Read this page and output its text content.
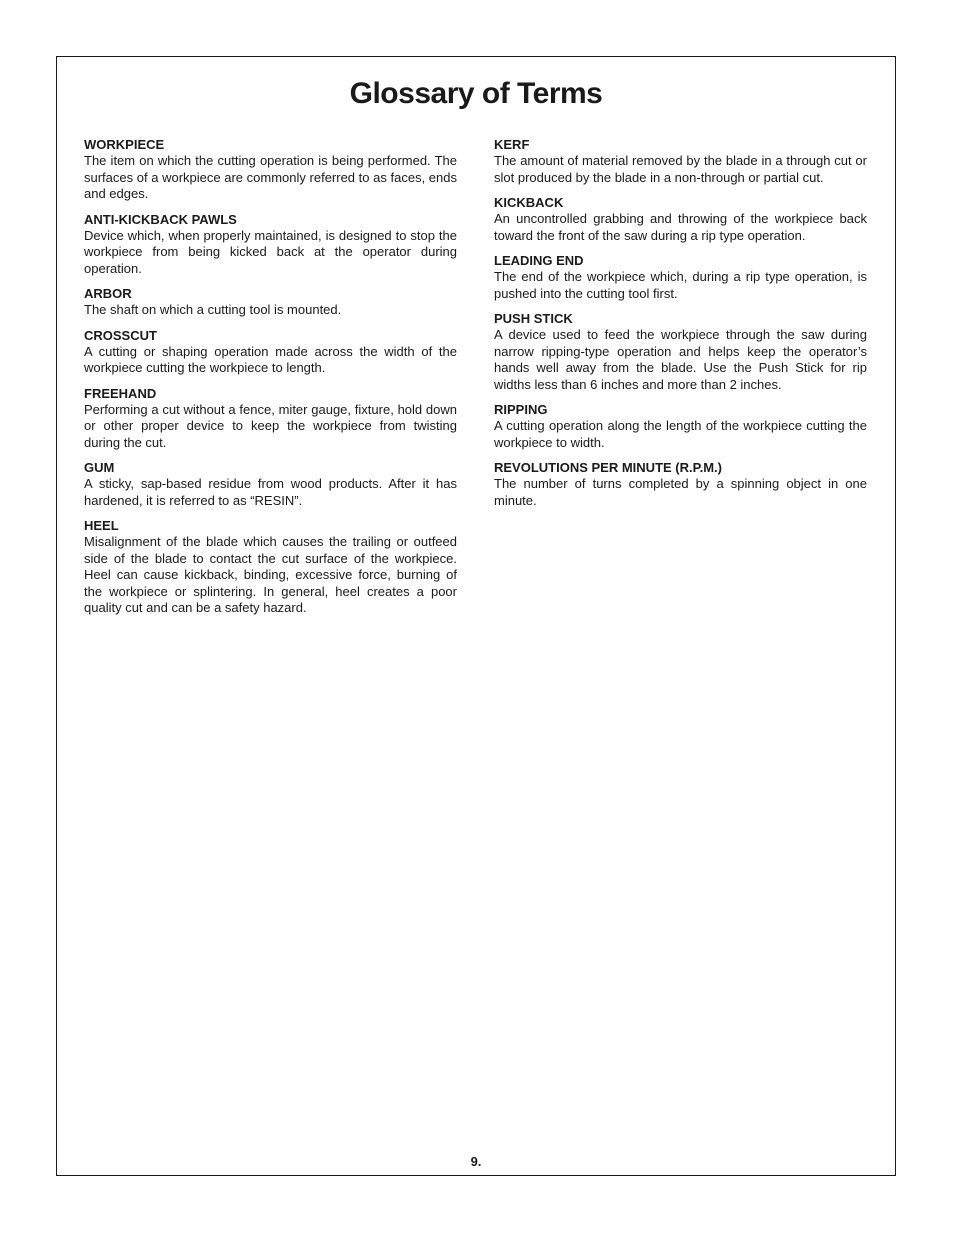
Glossary of Terms

WORKPIECE

The item on which the cutting operation is being performed. The surfaces of a workpiece are commonly referred to as faces, ends and edges.

ANTI-KICKBACK PAWLS

Device which, when properly maintained, is designed to stop the workpiece from being kicked back at the operator during operation.

ARBOR

The shaft on which a cutting tool is mounted.

CROSSCUT

A cutting or shaping operation made across the width of the workpiece cutting the workpiece to length.

FREEHAND

Performing a cut without a fence, miter gauge, fixture, hold down or other proper device to keep the workpiece from twisting during the cut.

GUM

A sticky, sap-based residue from wood products. After it has hardened, it is referred to as “RESIN”.

HEEL

Misalignment of the blade which causes the trailing or outfeed side of the blade to contact the cut surface of the workpiece. Heel can cause kickback, binding, excessive force, burning of the workpiece or splintering. In general, heel creates a poor quality cut and can be a safety hazard.

KERF

The amount of material removed by the blade in a through cut or slot produced by the blade in a non-through or partial cut.

KICKBACK

An uncontrolled grabbing and throwing of the workpiece back toward the front of the saw during a rip type operation.

LEADING END

The end of the workpiece which, during a rip type operation, is pushed into the cutting tool first.

PUSH STICK

A device used to feed the workpiece through the saw during narrow ripping-type operation and helps keep the operator’s hands well away from the blade. Use the Push Stick for rip widths less than 6 inches and more than 2 inches.

RIPPING

A cutting operation along the length of the workpiece cutting the workpiece to width.

REVOLUTIONS PER MINUTE (R.P.M.)

The number of turns completed by a spinning object in one minute.

9.
